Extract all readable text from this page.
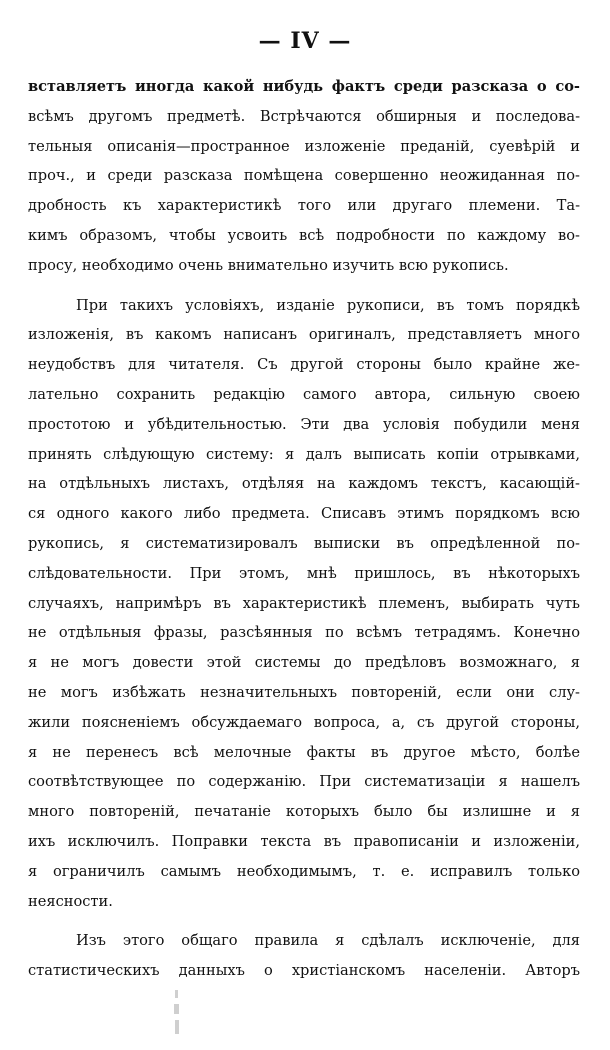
— IV —
вставляетъ иногда какой нибудь фактъ среди разсказа о со-
всѣмъ другомъ предметѣ. Встрѣчаются обширныя и последова-
тельныя описанія—пространное изложеніе преданій, суевѣрій и
проч., и среди разсказа помѣщена совершенно неожиданная по-
дробность къ характеристикѣ того или другаго племени. Та-
кимъ образомъ, чтобы усвоить всѣ подробности по каждому во-
просу, необходимо очень внимательно изучить всю рукопись.
При такихъ условіяхъ, изданіе рукописи, въ томъ порядкѣ
изложенія, въ какомъ написанъ оригиналъ, представляетъ много
неудобствъ для читателя. Съ другой стороны было крайне же-
лательно сохранить редакцію самого автора, сильную своею
простотою и убѣдительностью. Эти два условія побудили меня
принять слѣдующую систему: я далъ выписать копіи отрывками,
на отдѣльныхъ листахъ, отдѣляя на каждомъ текстъ, касающій-
ся одного какого либо предмета. Списавъ этимъ порядкомъ всю
рукопись, я систематизировалъ выписки въ опредѣленной по-
слѣдовательности. При этомъ, мнѣ пришлось, въ нѣкоторыхъ
случаяхъ, напримѣръ въ характеристикѣ племенъ, выбирать чуть
не отдѣльныя фразы, разсѣянныя по всѣмъ тетрадямъ. Конечно
я не могъ довести этой системы до предѣловъ возможнаго, я
не могъ избѣжать незначительныхъ повтореній, если они слу-
жили поясненіемъ обсуждаемаго вопроса, а, съ другой стороны,
я не перенесъ всѣ мелочные факты въ другое мѣсто, болѣе
соотвѣтствующее по содержанію. При систематизаціи я нашелъ
много повтореній, печатаніе которыхъ было бы излишне и я
ихъ исключилъ. Поправки текста въ правописаніи и изложеніи,
я ограничилъ самымъ необходимымъ, т. е. исправилъ только
неясности.
Изъ этого общаго правила я сдѣлалъ исключеніе, для
статистическихъ данныхъ о христіанскомъ населеніи. Авторъ
